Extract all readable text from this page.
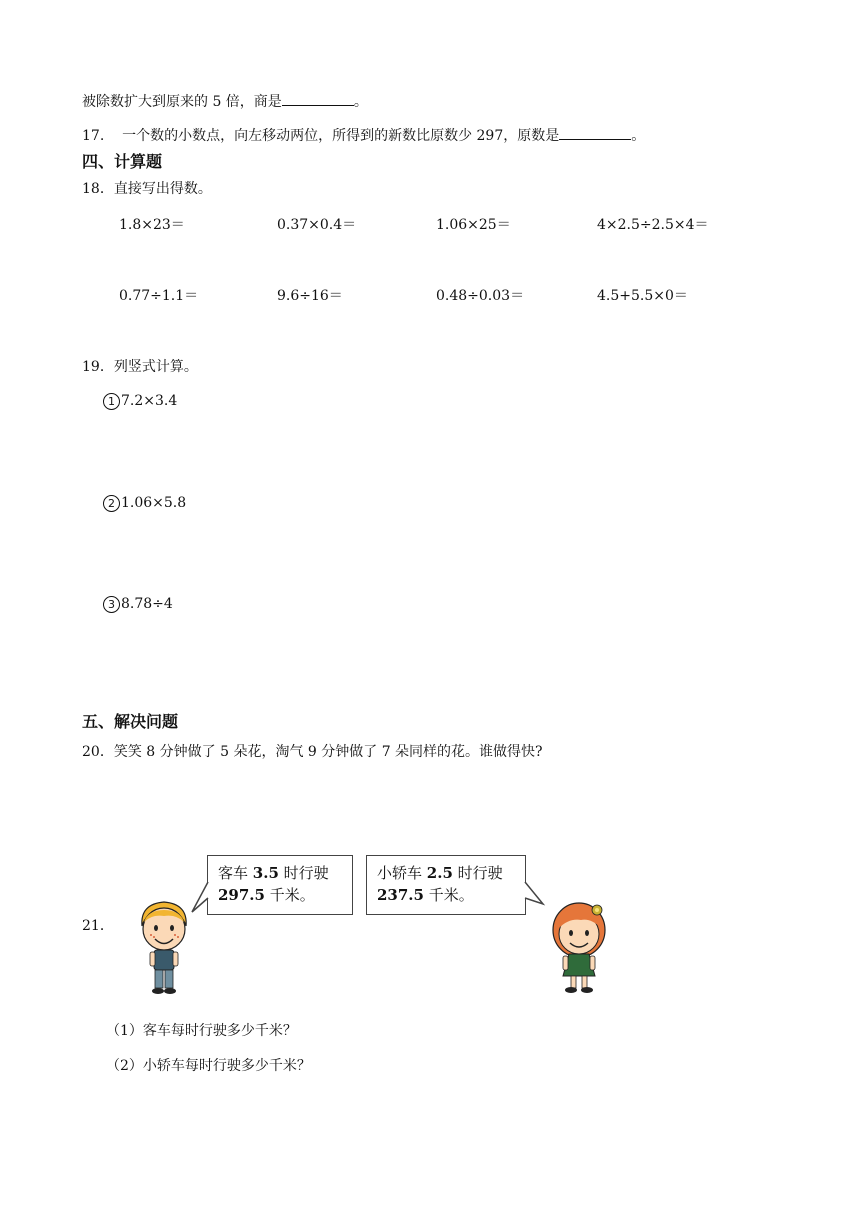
被除数扩大到原来的 5 倍，商是	。
17. 一个数的小数点，向左移动两位，所得到的新数比原数少 297，原数是	。
四、计算题
18．直接写出得数。
1.8×23＝	0.37×0.4＝	1.06×25＝	4×2.5÷2.5×4＝
0.77÷1.1＝	9.6÷16＝	0.48÷0.03＝	4.5+5.5×0＝
19．列竖式计算。
1 7.2×3.4
2 1.06×5.8
3 8.78÷4
五、解决问题
20．笑笑 8 分钟做了 5 朵花，淘气 9 分钟做了 7 朵同样的花。谁做得快?
21．
客车 3.5 时行驶
297.5 千米。
小轿车 2.5 时行驶
237.5 千米。
（1）客车每时行驶多少千米？
（2）小轿车每时行驶多少千米？
